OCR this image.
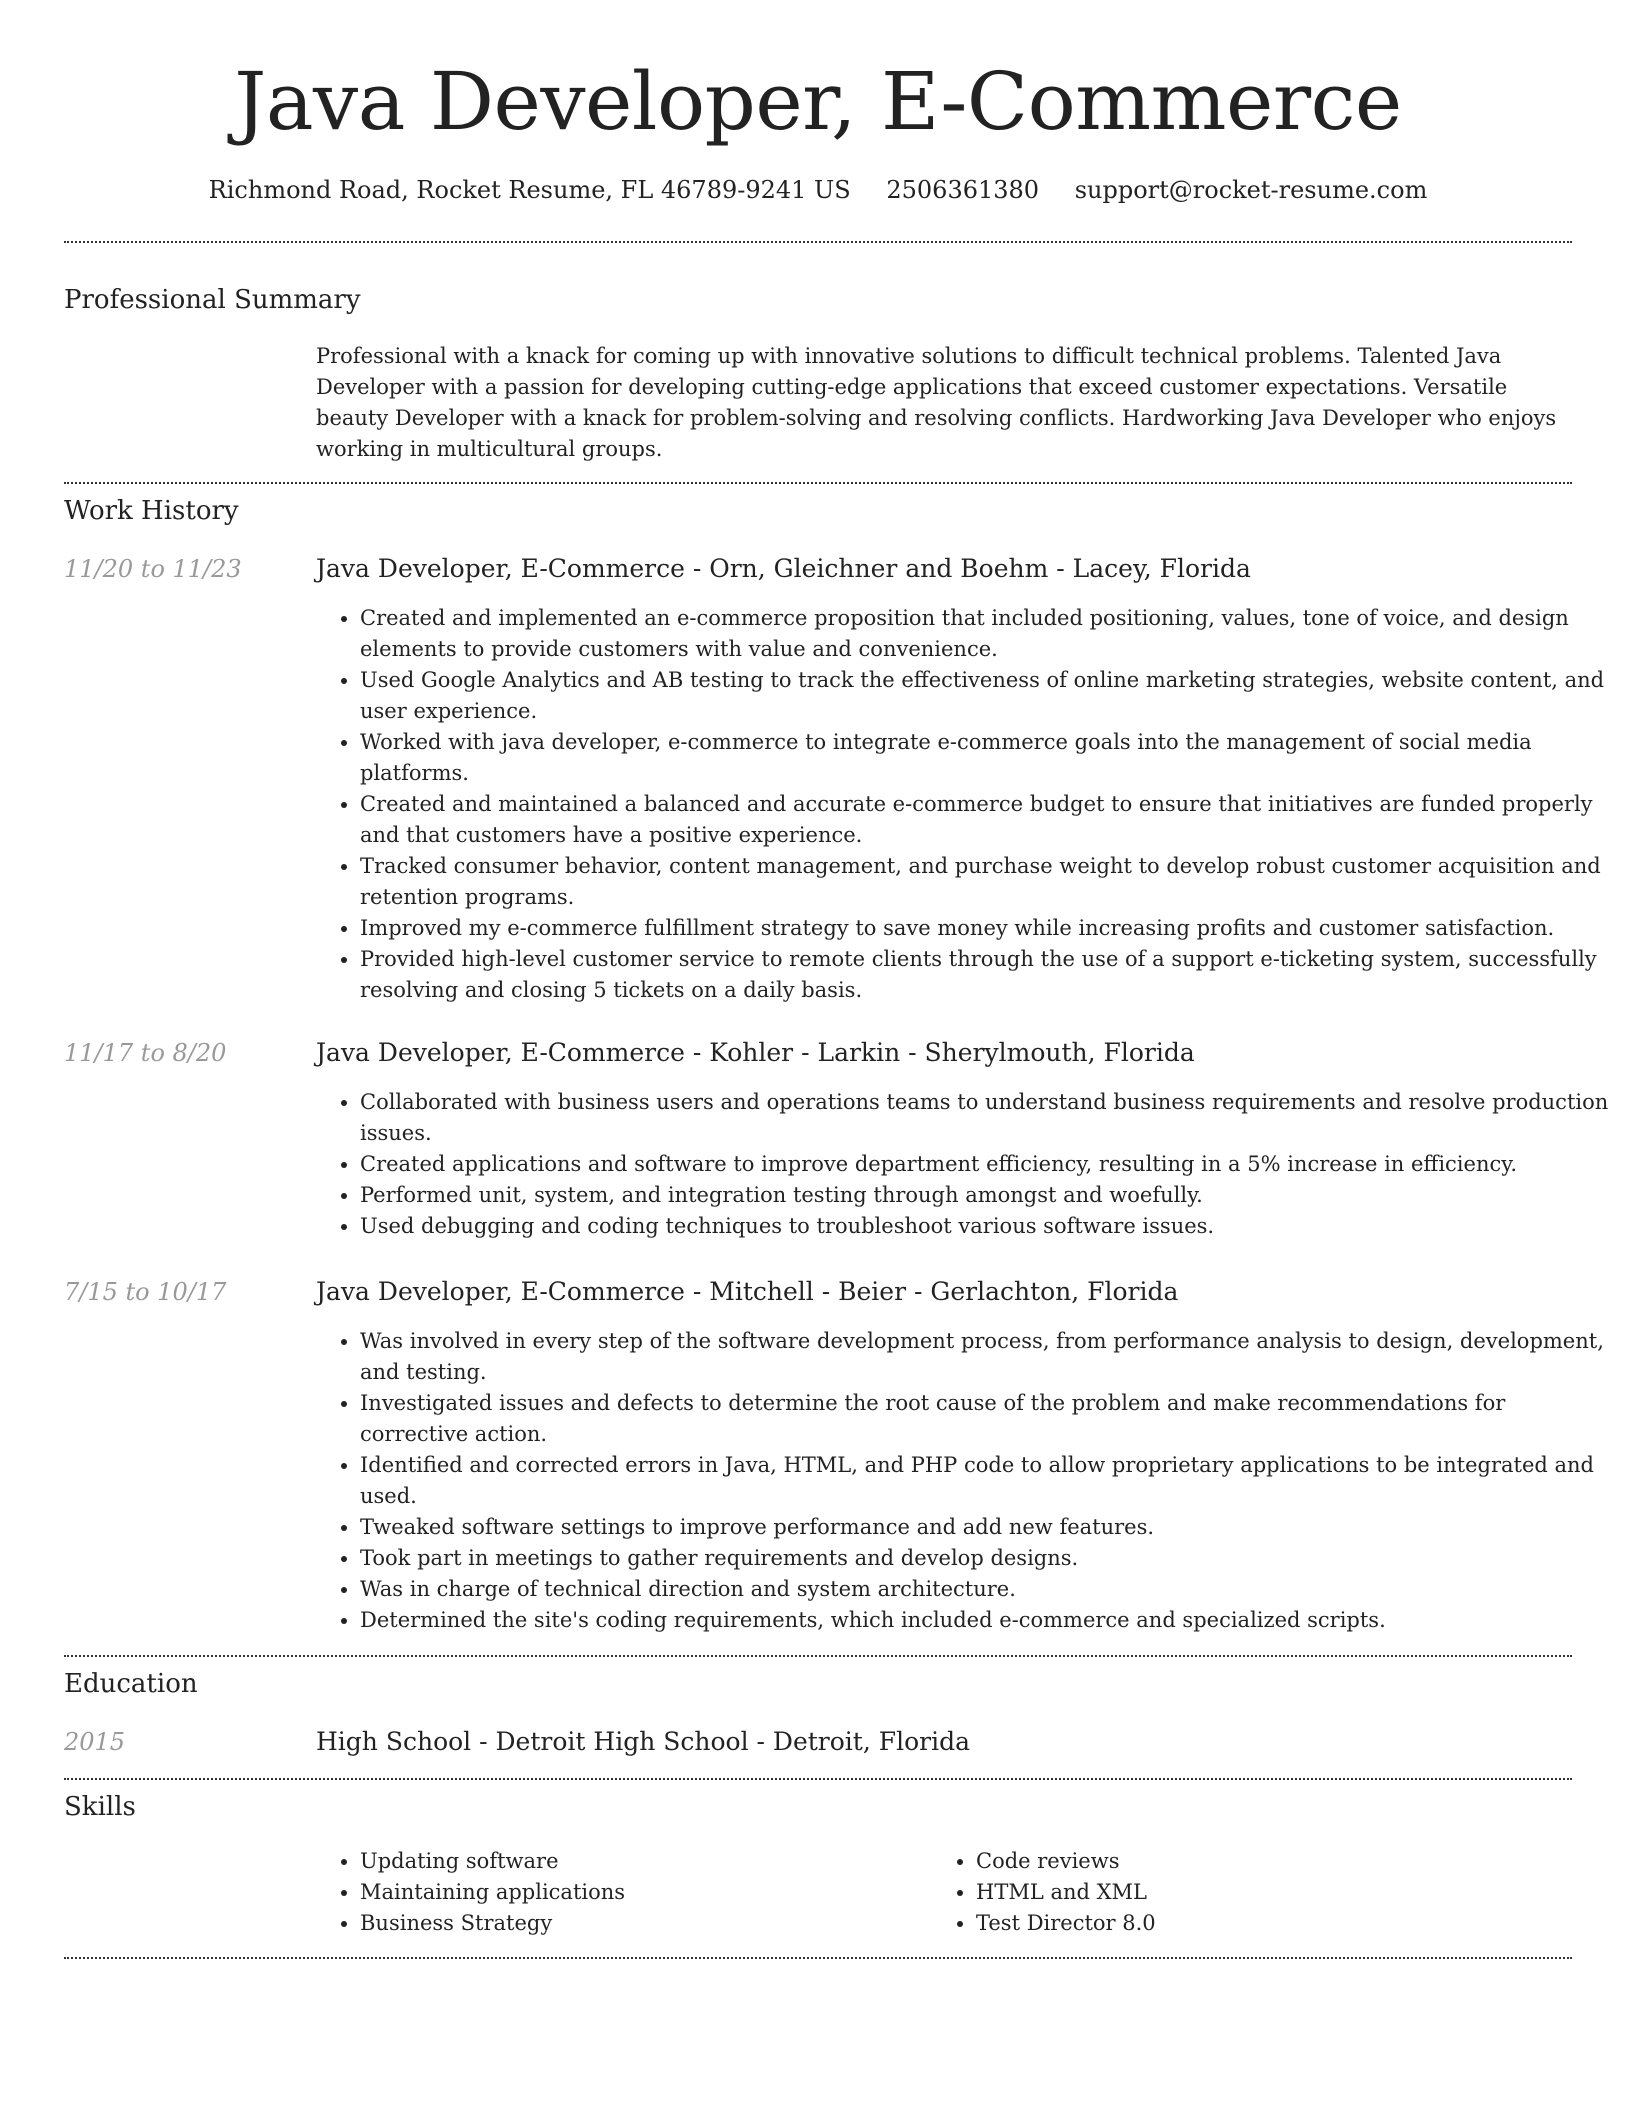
Java Developer, E-Commerce
Richmond Road, Rocket Resume, FL 46789-9241 US 2506361380 support@rocket-resume.com
Professional Summary
Professional with a knack for coming up with innovative solutions to difficult technical problems. Talented Java Developer with a passion for developing cutting-edge applications that exceed customer expectations. Versatile beauty Developer with a knack for problem-solving and resolving conflicts. Hardworking Java Developer who enjoys working in multicultural groups.
Work History
11/20 to 11/23	Java Developer, E-Commerce - Orn, Gleichner and Boehm - Lacey, Florida
• Created and implemented an e-commerce proposition that included positioning, values, tone of voice, and design elements to provide customers with value and convenience.
• Used Google Analytics and AB testing to track the effectiveness of online marketing strategies, website content, and user experience.
• Worked with java developer, e-commerce to integrate e-commerce goals into the management of social media platforms.
• Created and maintained a balanced and accurate e-commerce budget to ensure that initiatives are funded properly and that customers have a positive experience.
• Tracked consumer behavior, content management, and purchase weight to develop robust customer acquisition and retention programs.
• Improved my e-commerce fulfillment strategy to save money while increasing profits and customer satisfaction.
• Provided high-level customer service to remote clients through the use of a support e-ticketing system, successfully resolving and closing 5 tickets on a daily basis.
11/17 to 8/20	Java Developer, E-Commerce - Kohler - Larkin - Sherylmouth, Florida
• Collaborated with business users and operations teams to understand business requirements and resolve production issues.
• Created applications and software to improve department efficiency, resulting in a 5% increase in efficiency.
• Performed unit, system, and integration testing through amongst and woefully.
• Used debugging and coding techniques to troubleshoot various software issues.
7/15 to 10/17	Java Developer, E-Commerce - Mitchell - Beier - Gerlachton, Florida
• Was involved in every step of the software development process, from performance analysis to design, development, and testing.
• Investigated issues and defects to determine the root cause of the problem and make recommendations for corrective action.
• Identified and corrected errors in Java, HTML, and PHP code to allow proprietary applications to be integrated and used.
• Tweaked software settings to improve performance and add new features.
• Took part in meetings to gather requirements and develop designs.
• Was in charge of technical direction and system architecture.
• Determined the site's coding requirements, which included e-commerce and specialized scripts.
Education
2015	High School - Detroit High School - Detroit, Florida
Skills
• Updating software
• Maintaining applications
• Business Strategy
• Code reviews
• HTML and XML
• Test Director 8.0
